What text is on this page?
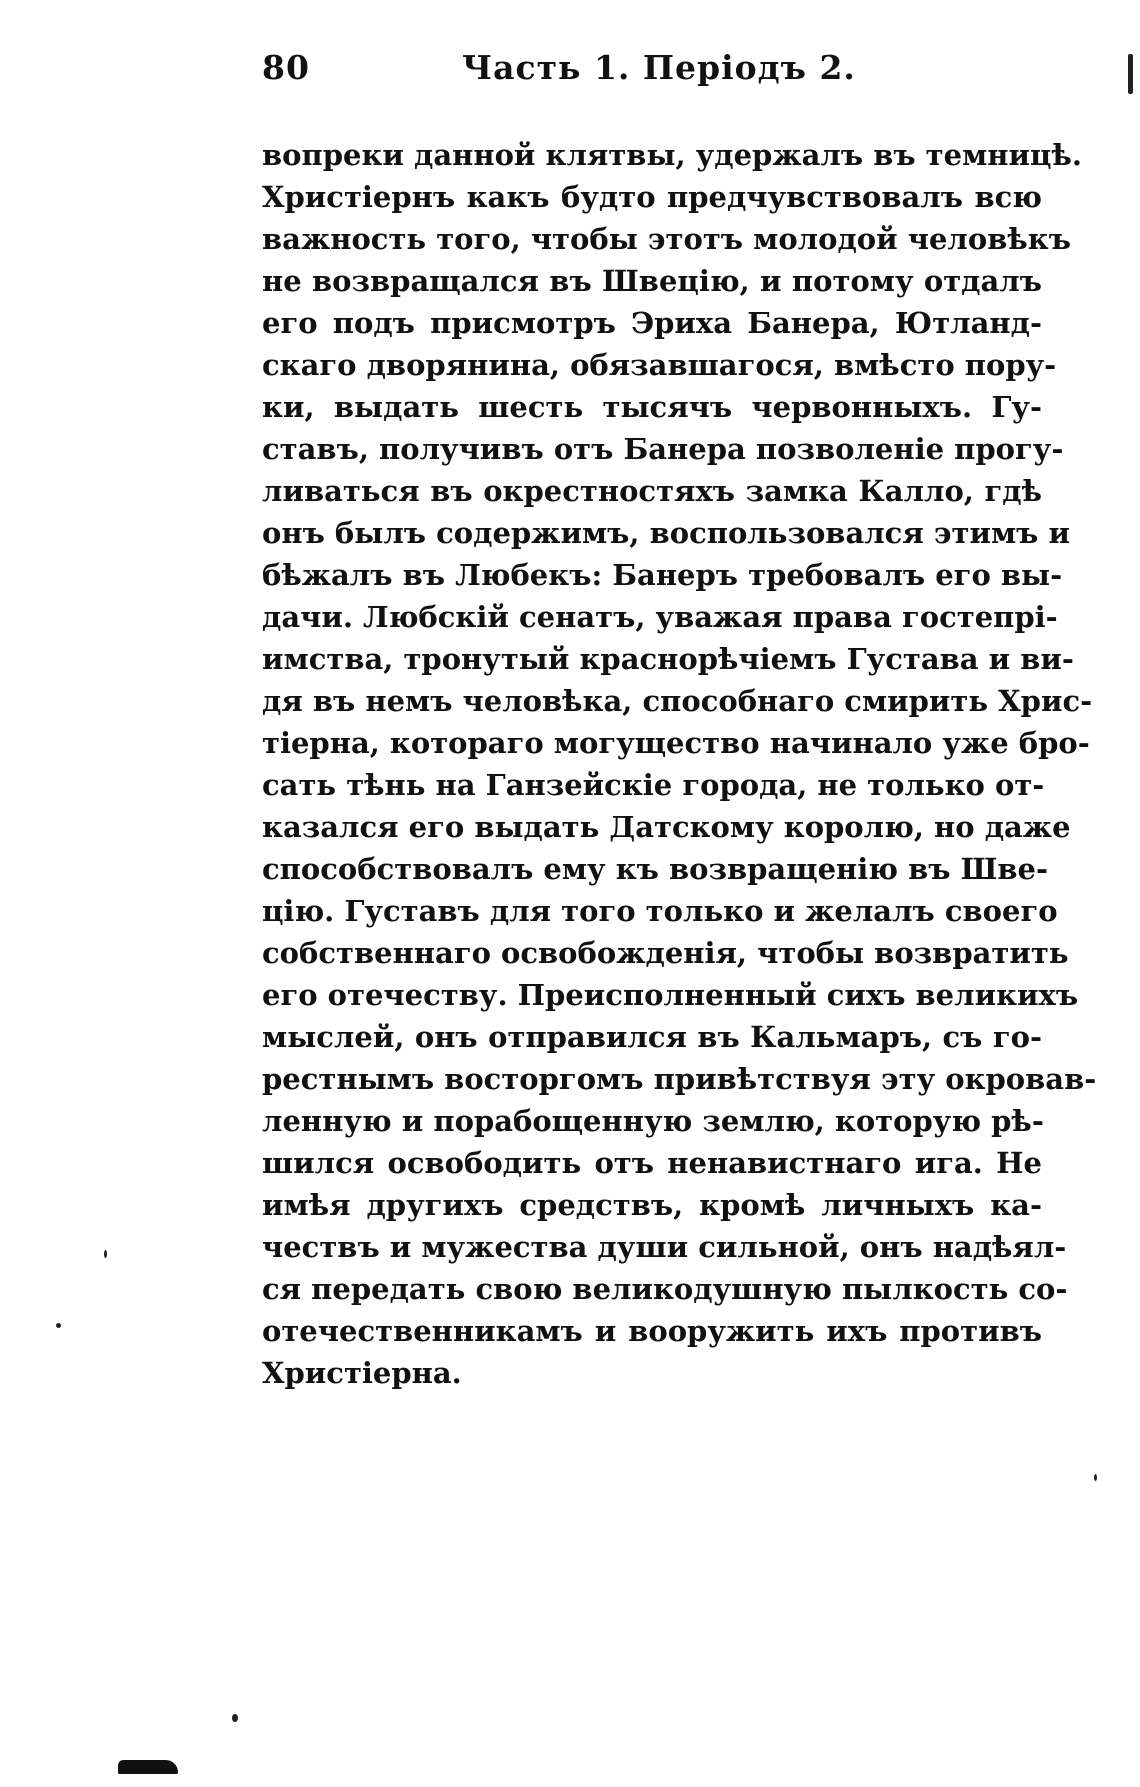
80	Часть 1. Періодъ 2.
вопреки данной клятвы, удержалъ въ темницѣ.
Христіернъ какъ будто предчувствовалъ всю
важность того, чтобы этотъ молодой человѣкъ
не возвращался въ Швецію, и потому отдалъ
его подъ присмотръ Эриха Банера, Ютланд-
скаго дворянина, обязавшагося, вмѣсто пору-
ки, выдать шесть тысячъ червонныхъ. Гу-
ставъ, получивъ отъ Банера позволеніе прогу-
ливаться въ окрестностяхъ замка Калло, гдѣ
онъ былъ содержимъ, воспользовался этимъ и
бѣжалъ въ Любекъ: Банеръ требовалъ его вы-
дачи. Любскій сенатъ, уважая права гостепрі-
имства, тронутый краснорѣчіемъ Густава и ви-
дя въ немъ человѣка, способнаго смирить Хрис-
тіерна, котораго могущество начинало уже бро-
сать тѣнь на Ганзейскіе города, не только от-
казался его выдать Датскому королю, но даже
способствовалъ ему къ возвращенію въ Шве-
цію. Густавъ для того только и желалъ своего
собственнаго освобожденія, чтобы возвратить
его отечеству. Преисполненный сихъ великихъ
мыслей, онъ отправился въ Кальмаръ, съ го-
рестнымъ восторгомъ привѣтствуя эту окровав-
ленную и порабощенную землю, которую рѣ-
шился освободить отъ ненавистнаго ига. Не
имѣя другихъ средствъ, кромѣ личныхъ ка-
чествъ и мужества души сильной, онъ надѣял-
ся передать свою великодушную пылкость со-
отечественникамъ и вооружить ихъ противъ
Христіерна.
